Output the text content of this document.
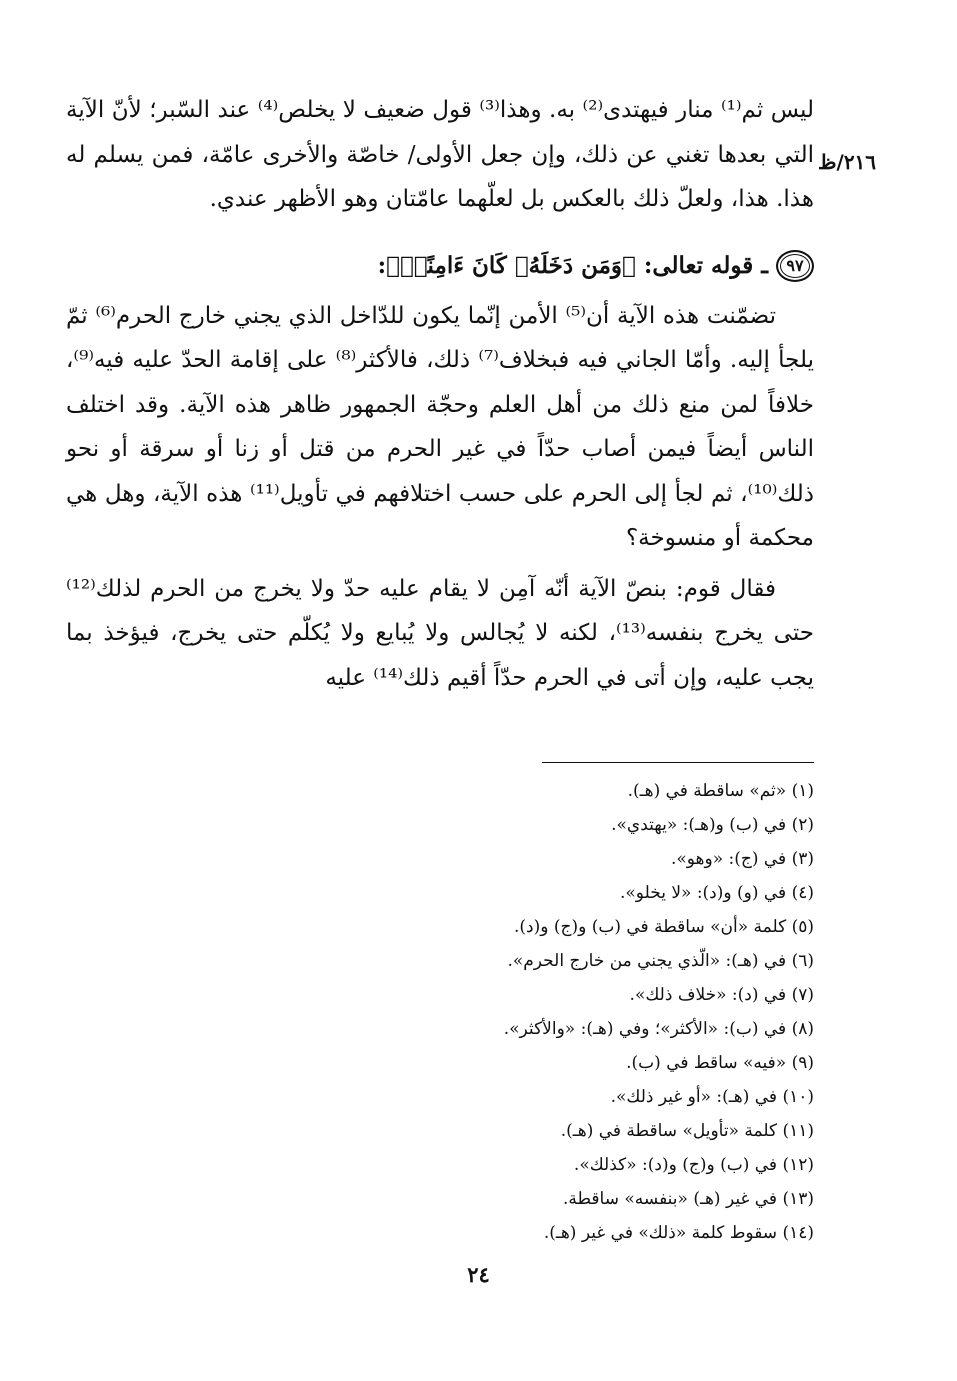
٢١٦/ظ

ليس ثم⁽¹⁾ منار فيهتدى⁽²⁾ به. وهذا⁽³⁾ قول ضعيف لا يخلص⁽⁴⁾ عند السّبر؛ لأنّ الآية التي بعدها تغني عن ذلك، وإن جعل الأولى/ خاصّة والأخرى عامّة، فمن يسلم له هذا. هذا، ولعلّ ذلك بالعكس بل لعلّهما عامّتان وهو الأظهر عندي.

٩٧
ـ قوله تعالى:
﴿وَمَن دَخَلَهُۥ كَانَ ءَامِنًاۗ﴾:

تضمّنت هذه الآية أن⁽⁵⁾ الأمن إنّما يكون للدّاخل الذي يجني خارج الحرم⁽⁶⁾ ثمّ يلجأ إليه. وأمّا الجاني فيه فبخلاف⁽⁷⁾ ذلك، فالأكثر⁽⁸⁾ على إقامة الحدّ عليه فيه⁽⁹⁾، خلافاً لمن منع ذلك من أهل العلم وحجّة الجمهور ظاهر هذه الآية. وقد اختلف الناس أيضاً فيمن أصاب حدّاً في غير الحرم من قتل أو زنا أو سرقة أو نحو ذلك⁽¹⁰⁾، ثم لجأ إلى الحرم على حسب اختلافهم في تأويل⁽¹¹⁾ هذه الآية، وهل هي محكمة أو منسوخة؟

فقال قوم: بنصّ الآية أنّه آمِن لا يقام عليه حدّ ولا يخرج من الحرم لذلك⁽¹²⁾ حتى يخرج بنفسه⁽¹³⁾، لكنه لا يُجالس ولا يُبايع ولا يُكلّم حتى يخرج، فيؤخذ بما يجب عليه، وإن أتى في الحرم حدّاً أقيم ذلك⁽¹⁴⁾ عليه

(١) «ثم» ساقطة في (هـ).
(٢) في (ب) و(هـ): «يهتدي».
(٣) في (ج): «وهو».
(٤) في (و) و(د): «لا يخلو».
(٥) كلمة «أن» ساقطة في (ب) و(ج) و(د).
(٦) في (هـ): «الّذي يجني من خارج الحرم».
(٧) في (د): «خلاف ذلك».
(٨) في (ب): «الأكثر»؛ وفي (هـ): «والأكثر».
(٩) «فيه» ساقط في (ب).
(١٠) في (هـ): «أو غير ذلك».
(١١) كلمة «تأويل» ساقطة في (هـ).
(١٢) في (ب) و(ج) و(د): «كذلك».
(١٣) في غير (هـ) «بنفسه» ساقطة.
(١٤) سقوط كلمة «ذلك» في غير (هـ).
٢٤
